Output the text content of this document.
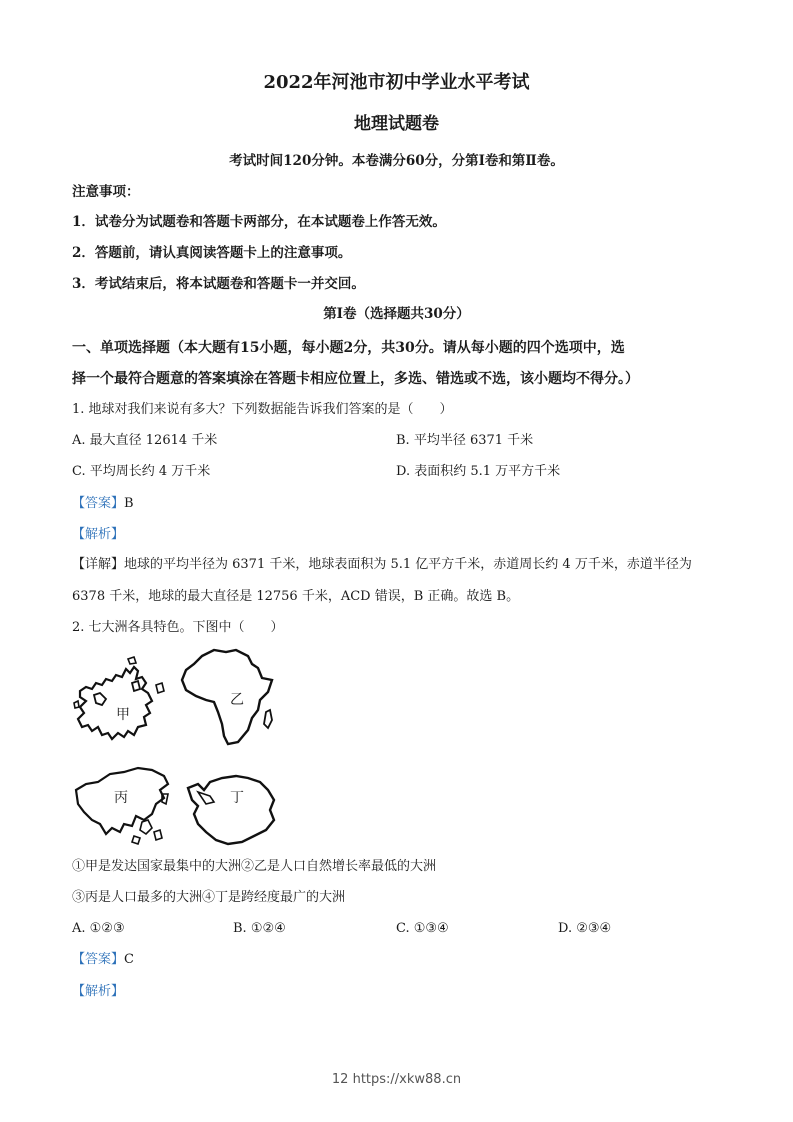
2022年河池市初中学业水平考试
地理试题卷
考试时间120分钟。本卷满分60分，分第Ⅰ卷和第Ⅱ卷。
注意事项：
1．试卷分为试题卷和答题卡两部分，在本试题卷上作答无效。
2．答题前，请认真阅读答题卡上的注意事项。
3．考试结束后，将本试题卷和答题卡一并交回。
第Ⅰ卷（选择题共30分）
一、单项选择题（本大题有15小题，每小题2分，共30分。请从每小题的四个选项中，选
择一个最符合题意的答案填涂在答题卡相应位置上，多选、错选或不选，该小题均不得分。）
1. 地球对我们来说有多大？下列数据能告诉我们答案的是（　　）
A. 最大直径 12614 千米	B. 平均半径 6371 千米
C. 平均周长约 4 万千米	D. 表面积约 5.1 万平方千米
【答案】B
【解析】
【详解】地球的平均半径为 6371 千米，地球表面积为 5.1 亿平方千米，赤道周长约 4 万千米，赤道半径为
6378 千米，地球的最大直径是 12756 千米，ACD 错误，B 正确。故选 B。
2. 七大洲各具特色。下图中（　　）
甲
乙
丙	丁
①甲是发达国家最集中的大洲②乙是人口自然增长率最低的大洲
③丙是人口最多的大洲④丁是跨经度最广的大洲
A. ①②③	B. ①②④	C. ①③④	D. ②③④
【答案】C
【解析】
12 https://xkw88.cn
